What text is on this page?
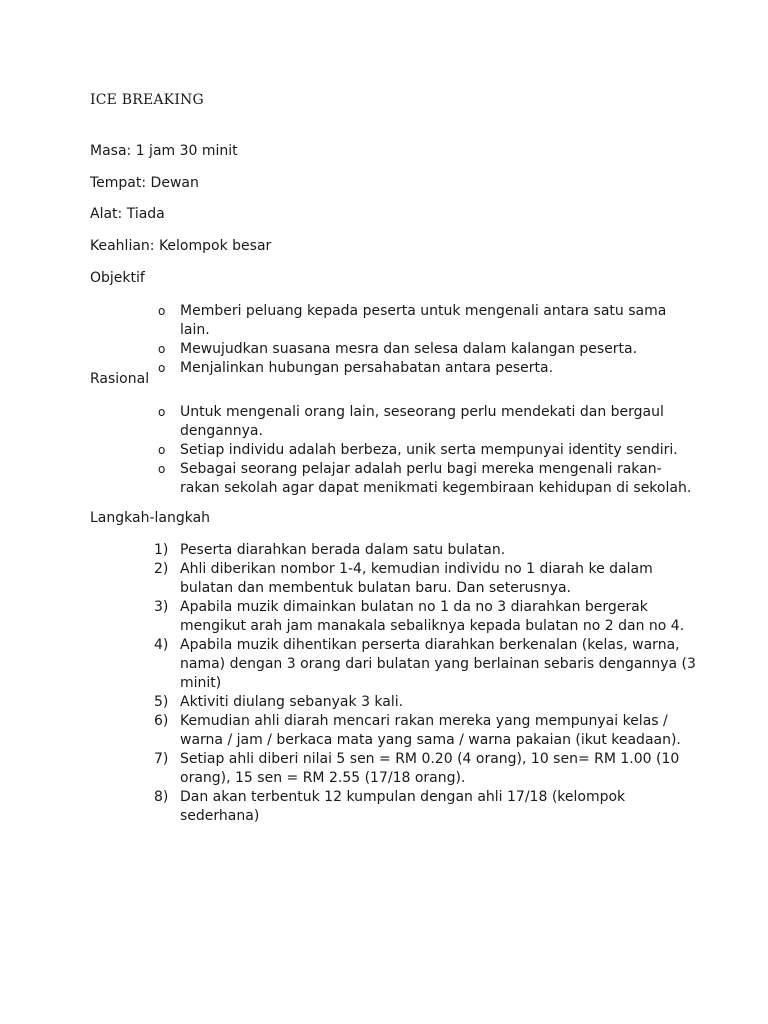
ICE BREAKING
Masa: 1 jam 30 minit
Tempat: Dewan
Alat: Tiada
Keahlian: Kelompok besar
Objektif
o Memberi peluang kepada peserta untuk mengenali antara satu sama lain.
o Mewujudkan suasana mesra dan selesa dalam kalangan peserta.
o Menjalinkan hubungan persahabatan antara peserta.
Rasional
o Untuk mengenali orang lain, seseorang perlu mendekati dan bergaul dengannya.
o Setiap individu adalah berbeza, unik serta mempunyai identity sendiri.
o Sebagai seorang pelajar adalah perlu bagi mereka mengenali rakan-rakan sekolah agar dapat menikmati kegembiraan kehidupan di sekolah.
Langkah-langkah
1) Peserta diarahkan berada dalam satu bulatan.
2) Ahli diberikan nombor 1-4, kemudian individu no 1 diarah ke dalam bulatan dan membentuk bulatan baru. Dan seterusnya.
3) Apabila muzik dimainkan bulatan no 1 da no 3 diarahkan bergerak mengikut arah jam manakala sebaliknya kepada bulatan no 2 dan no 4.
4) Apabila muzik dihentikan perserta diarahkan berkenalan (kelas, warna, nama) dengan 3 orang dari bulatan yang berlainan sebaris dengannya (3 minit)
5) Aktiviti diulang sebanyak 3 kali.
6) Kemudian ahli diarah mencari rakan mereka yang mempunyai kelas / warna / jam / berkaca mata yang sama / warna pakaian (ikut keadaan).
7) Setiap ahli diberi nilai 5 sen = RM 0.20 (4 orang), 10 sen= RM 1.00 (10 orang), 15 sen = RM 2.55 (17/18 orang).
8) Dan akan terbentuk 12 kumpulan dengan ahli 17/18 (kelompok sederhana)
